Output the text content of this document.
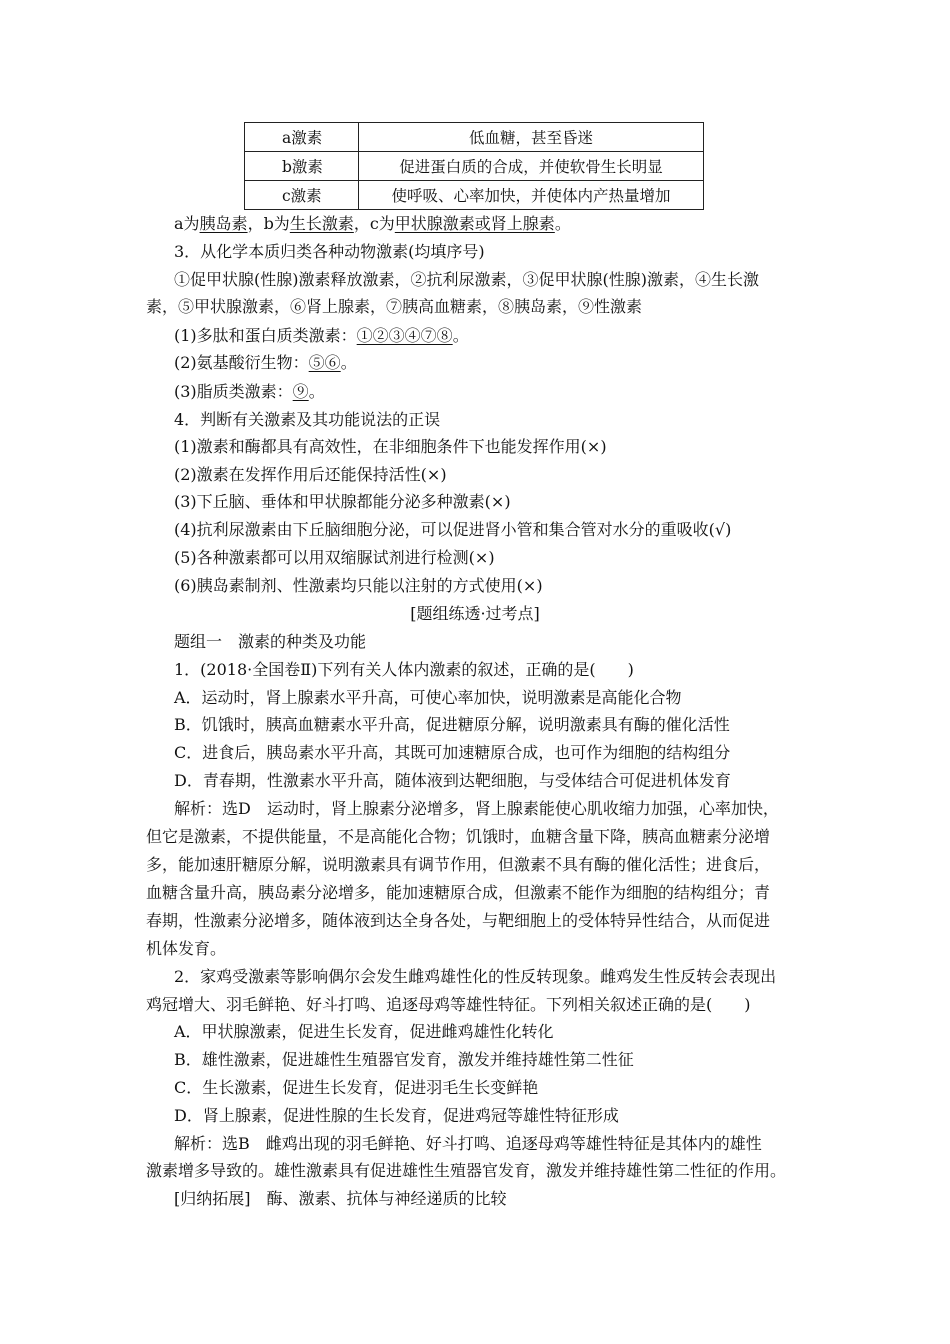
a激素	低血糖，甚至昏迷
b激素	促进蛋白质的合成，并使软骨生长明显
c激素	使呼吸、心率加快，并使体内产热量增加
a为胰岛素，b为生长激素，c为甲状腺激素或肾上腺素。
3．从化学本质归类各种动物激素(均填序号)
①促甲状腺(性腺)激素释放激素，②抗利尿激素，③促甲状腺(性腺)激素，④生长激
素，⑤甲状腺激素，⑥肾上腺素，⑦胰高血糖素，⑧胰岛素，⑨性激素
(1)多肽和蛋白质类激素：①②③④⑦⑧。
(2)氨基酸衍生物：⑤⑥。
(3)脂质类激素：⑨。
4．判断有关激素及其功能说法的正误
(1)激素和酶都具有高效性，在非细胞条件下也能发挥作用(×)
(2)激素在发挥作用后还能保持活性(×)
(3)下丘脑、垂体和甲状腺都能分泌多种激素(×)
(4)抗利尿激素由下丘脑细胞分泌，可以促进肾小管和集合管对水分的重吸收(√)
(5)各种激素都可以用双缩脲试剂进行检测(×)
(6)胰岛素制剂、性激素均只能以注射的方式使用(×)
[题组练透·过考点]
题组一　激素的种类及功能
1．(2018·全国卷Ⅱ)下列有关人体内激素的叙述，正确的是(　　)
A．运动时，肾上腺素水平升高，可使心率加快，说明激素是高能化合物
B．饥饿时，胰高血糖素水平升高，促进糖原分解，说明激素具有酶的催化活性
C．进食后，胰岛素水平升高，其既可加速糖原合成，也可作为细胞的结构组分
D．青春期，性激素水平升高，随体液到达靶细胞，与受体结合可促进机体发育
解析：选D　运动时，肾上腺素分泌增多，肾上腺素能使心肌收缩力加强，心率加快，
但它是激素，不提供能量，不是高能化合物；饥饿时，血糖含量下降，胰高血糖素分泌增
多，能加速肝糖原分解，说明激素具有调节作用，但激素不具有酶的催化活性；进食后，
血糖含量升高，胰岛素分泌增多，能加速糖原合成，但激素不能作为细胞的结构组分；青
春期，性激素分泌增多，随体液到达全身各处，与靶细胞上的受体特异性结合，从而促进
机体发育。
2．家鸡受激素等影响偶尔会发生雌鸡雄性化的性反转现象。雌鸡发生性反转会表现出
鸡冠增大、羽毛鲜艳、好斗打鸣、追逐母鸡等雄性特征。下列相关叙述正确的是(　　)
A．甲状腺激素，促进生长发育，促进雌鸡雄性化转化
B．雄性激素，促进雄性生殖器官发育，激发并维持雄性第二性征
C．生长激素，促进生长发育，促进羽毛生长变鲜艳
D．肾上腺素，促进性腺的生长发育，促进鸡冠等雄性特征形成
解析：选B　雌鸡出现的羽毛鲜艳、好斗打鸣、追逐母鸡等雄性特征是其体内的雄性
激素增多导致的。雄性激素具有促进雄性生殖器官发育，激发并维持雄性第二性征的作用。
[归纳拓展]　酶、激素、抗体与神经递质的比较
